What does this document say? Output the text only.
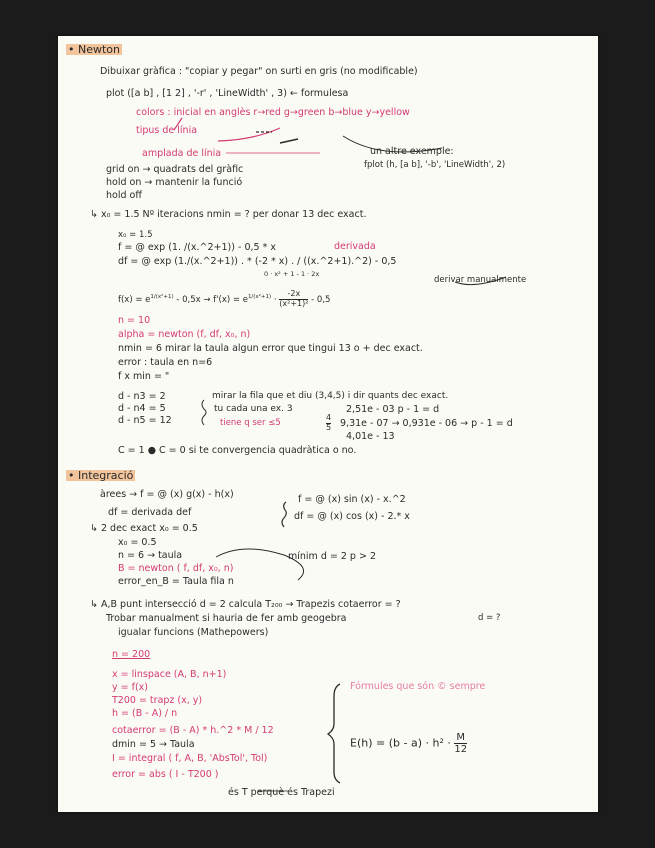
• Newton
Dibuixar gràfica : "copiar y pegar" on surti en gris (no modificable)
plot ([a b] , [1 2] , '-r' , 'LineWidth' , 3) ← formulesa
colors : inicial en anglès r→red g→green b→blue y→yellow
tipus de línia
amplada de línia	un altre exemple:
fplot (h, [a b], '-b', 'LineWidth', 2)
grid on → quadrats del gràfic
hold on → mantenir la funció
hold off
↳ x₀ = 1.5 Nº iteracions nmin = ? per donar 13 dec exact.
x₀ = 1.5
f = @ exp (1. /(x.^2+1)) - 0,5 * x	derivada
df = @ exp (1./(x.^2+1)) . * (-2 * x) . / ((x.^2+1).^2) - 0,5
0 · x² + 1 - 1 · 2x
derivar manualmente
$f(x) = e^{1/(x^2+1)} - 0,5x \to f'(x) = e^{1/(x^2+1)} \cdot \frac{-2x}{\text{(x²+1)²}} - 0,5$
n = 10
alpha = newton (f, df, x₀, n)
nmin = 6 mirar la taula algun error que tingui 13 o + dec exact.
error : taula en n=6
f x min = "
d - n3 = 2
d - n4 = 5
d - n5 = 12
mirar la fila que et diu (3,4,5) i dir quants dec exact.
tu cada una ex. 3	2,51e - 03 p - 1 = d
tiene q ser ≤5	$\frac{4}{5} 9,31e - 07 \to 0,931e - 06 \to p - 1 = d$
4,01e - 13
C = 1 ● C = 0 si te convergencia quadràtica o no.
• Integració
àrees → f = @ (x) g(x) - h(x)	f = @ (x) sin (x) - x.^2
df = derivada def	df = @ (x) cos (x) - 2.* x
↳ 2 dec exact x₀ = 0.5
x₀ = 0.5
n = 6 → taula	mínim d = 2 p > 2
B = newton ( f, df, x₀, n)
error_en_B = Taula fila n
↳ A,B punt intersecció d = 2 calcula T₂₀₀ → Trapezis cotaerror = ?
Trobar manualment si hauria de fer amb geogebra
igualar funcions (Mathepowers)
d = ?
n = 200
x = linspace (A, B, n+1)
y = f(x)
T200 = trapz (x, y)
h = (B - A) / n
cotaerror = (B - A) * h.^2 * M / 12
dmin = 5 → Taula
I = integral ( f, A, B, 'AbsTol', Tol)
error = abs ( I - T200 )
és T perquè és Trapezi
Fórmules que són © sempre
$E(h) = (b - a) \cdot h^2 \cdot \frac{M}{12}$
